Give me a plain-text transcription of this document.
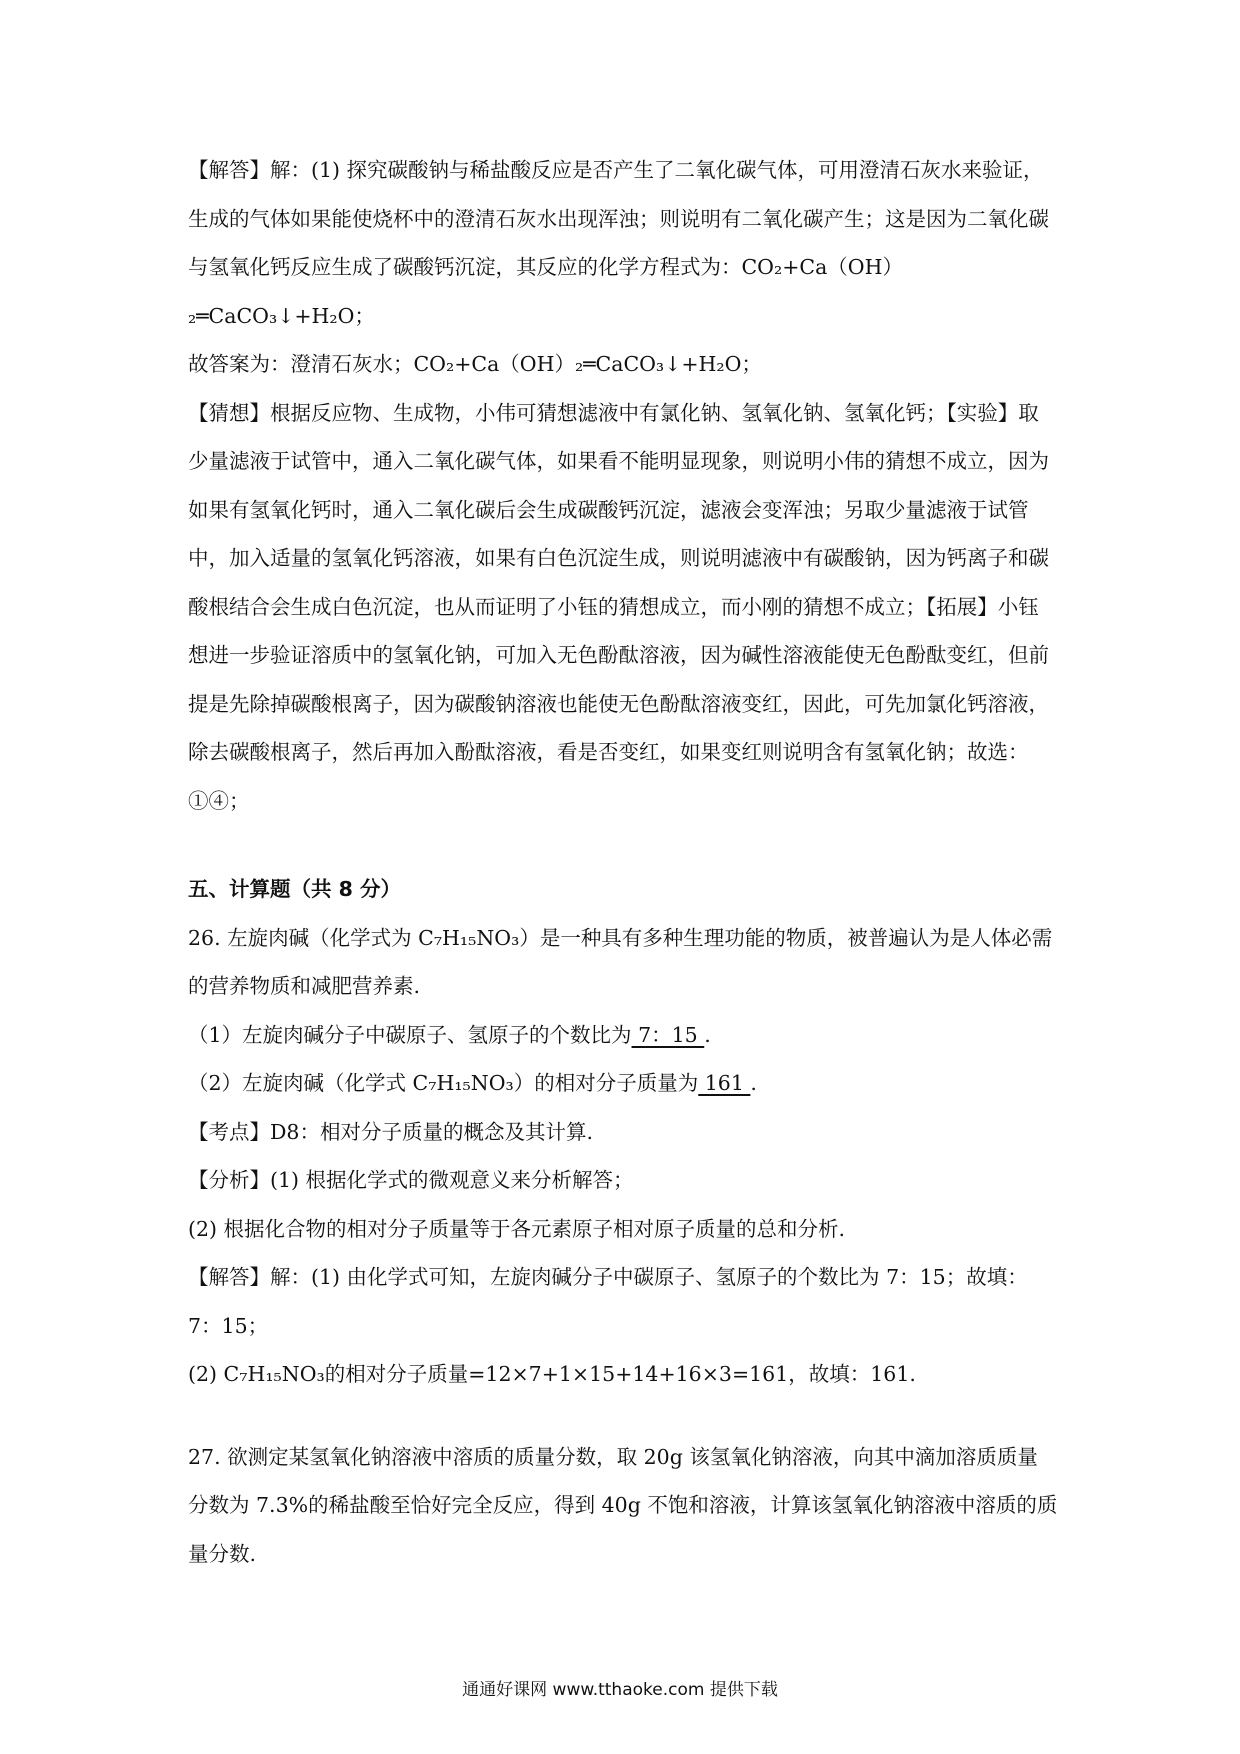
【解答】解：(1) 探究碳酸钠与稀盐酸反应是否产生了二氧化碳气体，可用澄清石灰水来验证，生成的气体如果能使烧杯中的澄清石灰水出现浑浊；则说明有二氧化碳产生；这是因为二氧化碳与氢氧化钙反应生成了碳酸钙沉淀，其反应的化学方程式为：CO₂+Ca（OH）₂═CaCO₃↓+H₂O；

故答案为：澄清石灰水；CO₂+Ca（OH）₂═CaCO₃↓+H₂O；

【猜想】根据反应物、生成物，小伟可猜想滤液中有氯化钠、氢氧化钠、氢氧化钙；【实验】取少量滤液于试管中，通入二氧化碳气体，如果看不能明显现象，则说明小伟的猜想不成立，因为如果有氢氧化钙时，通入二氧化碳后会生成碳酸钙沉淀，滤液会变浑浊；另取少量滤液于试管中，加入适量的氢氧化钙溶液，如果有白色沉淀生成，则说明滤液中有碳酸钠，因为钙离子和碳酸根结合会生成白色沉淀，也从而证明了小钰的猜想成立，而小刚的猜想不成立；【拓展】小钰想进一步验证溶质中的氢氧化钠，可加入无色酚酞溶液，因为碱性溶液能使无色酚酞变红，但前提是先除掉碳酸根离子，因为碳酸钠溶液也能使无色酚酞溶液变红，因此，可先加氯化钙溶液，除去碳酸根离子，然后再加入酚酞溶液，看是否变红，如果变红则说明含有氢氧化钠；故选：①④；

五、计算题（共 8 分）

26. 左旋肉碱（化学式为 C₇H₁₅NO₃）是一种具有多种生理功能的物质，被普遍认为是人体必需的营养物质和减肥营养素.

（1）左旋肉碱分子中碳原子、氢原子的个数比为 7：15 .

（2）左旋肉碱（化学式 C₇H₁₅NO₃）的相对分子质量为 161 .

【考点】D8：相对分子质量的概念及其计算.

【分析】(1) 根据化学式的微观意义来分析解答；

(2) 根据化合物的相对分子质量等于各元素原子相对原子质量的总和分析.

【解答】解：(1) 由化学式可知，左旋肉碱分子中碳原子、氢原子的个数比为 7：15；故填：7：15；

(2) C₇H₁₅NO₃的相对分子质量=12×7+1×15+14+16×3=161，故填：161.

27. 欲测定某氢氧化钠溶液中溶质的质量分数，取 20g 该氢氧化钠溶液，向其中滴加溶质质量分数为 7.3%的稀盐酸至恰好完全反应，得到 40g 不饱和溶液，计算该氢氧化钠溶液中溶质的质量分数.

通通好课网 www.tthaoke.com 提供下载
